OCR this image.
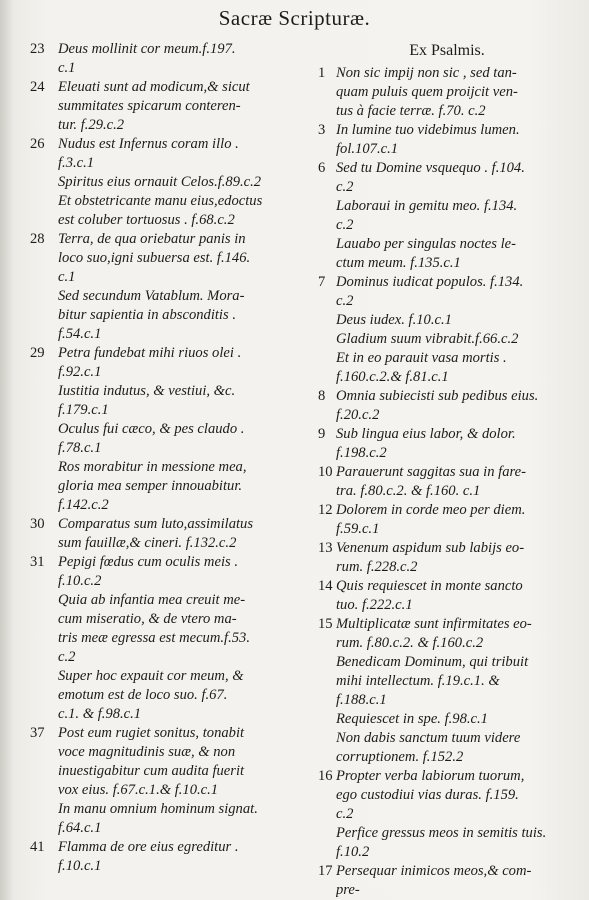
Sacræ Scripturæ.
23 Deus mollinit cor meum.f.197.
c.1
24 Eleuati sunt ad modicum,& sicut
summitates spicarum conteren-
tur. f.29.c.2
26 Nudus est Infernus coram illo .
f.3.c.1
Spiritus eius ornauit Celos.f.89.c.2
Et obstetricante manu eius,edoctus
est coluber tortuosus . f.68.c.2
28 Terra, de qua oriebatur panis in
loco suo,igni subuersa est. f.146.
c.1
Sed secundum Vatablum. Mora-
bitur sapientia in absconditis .
f.54.c.1
29 Petra fundebat mihi riuos olei .
f.92.c.1
Iustitia indutus, & vestiui, &c.
f.179.c.1
Oculus fui cæco, & pes claudo .
f.78.c.1
Ros morabitur in messione mea,
gloria mea semper innouabitur.
f.142.c.2
30 Comparatus sum luto,assimilatus
sum fauillæ,& cineri. f.132.c.2
31 Pepigi fœdus cum oculis meis .
f.10.c.2
Quia ab infantia mea creuit me-
cum miseratio, & de vtero ma-
tris meæ egressa est mecum.f.53.
c.2
Super hoc expauit cor meum, &
emotum est de loco suo. f.67.
c.1. & f.98.c.1
37 Post eum rugiet sonitus, tonabit
voce magnitudinis suæ, & non
inuestigabitur cum audita fuerit
vox eius. f.67.c.1.& f.10.c.1
In manu omnium hominum signat.
f.64.c.1
41 Flamma de ore eius egreditur .
f.10.c.1
Ex Psalmis.
1 Non sic impij non sic , sed tan-
quam puluis quem proijcit ven-
tus à facie terræ. f.70. c.2
3 In lumine tuo videbimus lumen.
fol.107.c.1
6 Sed tu Domine vsquequo . f.104.
c.2
Laboraui in gemitu meo. f.134.
c.2
Lauabo per singulas noctes le-
ctum meum. f.135.c.1
7 Dominus iudicat populos. f.134.
c.2
Deus iudex. f.10.c.1
Gladium suum vibrabit.f.66.c.2
Et in eo parauit vasa mortis .
f.160.c.2.& f.81.c.1
8 Omnia subiecisti sub pedibus eius.
f.20.c.2
9 Sub lingua eius labor, & dolor.
f.198.c.2
10 Parauerunt saggitas sua in fare-
tra. f.80.c.2. & f.160. c.1
12 Dolorem in corde meo per diem.
f.59.c.1
13 Venenum aspidum sub labijs eo-
rum. f.228.c.2
14 Quis requiescet in monte sancto
tuo. f.222.c.1
15 Multiplicatæ sunt infirmitates eo-
rum. f.80.c.2. & f.160.c.2
Benedicam Dominum, qui tribuit
mihi intellectum. f.19.c.1. &
f.188.c.1
Requiescet in spe. f.98.c.1
Non dabis sanctum tuum videre
corruptionem. f.152.2
16 Propter verba labiorum tuorum,
ego custodiui vias duras. f.159.
c.2
Perfice gressus meos in semitis tuis.
f.10.2
17 Persequar inimicos meos,& com-
pre-
